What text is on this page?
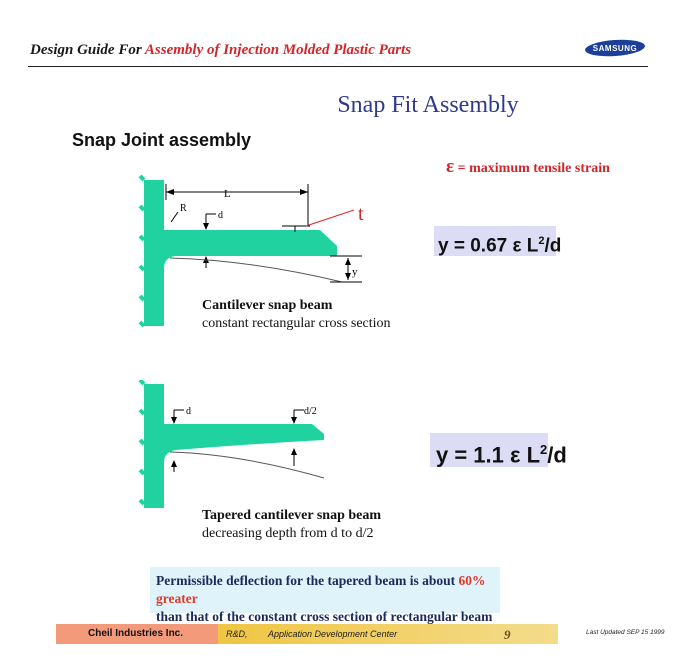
Design Guide For Assembly of Injection Molded Plastic Parts	SAMSUNG
Snap Fit Assembly
Snap Joint assembly
ε = maximum tensile strain
L
R
d	t
y
Cantilever snap beam
constant rectangular cross section
y = 0.67 ε $L^2/d$
d	d/2
Tapered cantilever snap beam
decreasing depth from d to d/2
y = 1.1 ε $L^2/d$
Permissible deflection for the tapered beam is about 60% greater
than that of the constant cross section of rectangular beam
Cheil Industries Inc.	R&D, Application Development Center	9	Last Updated SEP 15 1999
